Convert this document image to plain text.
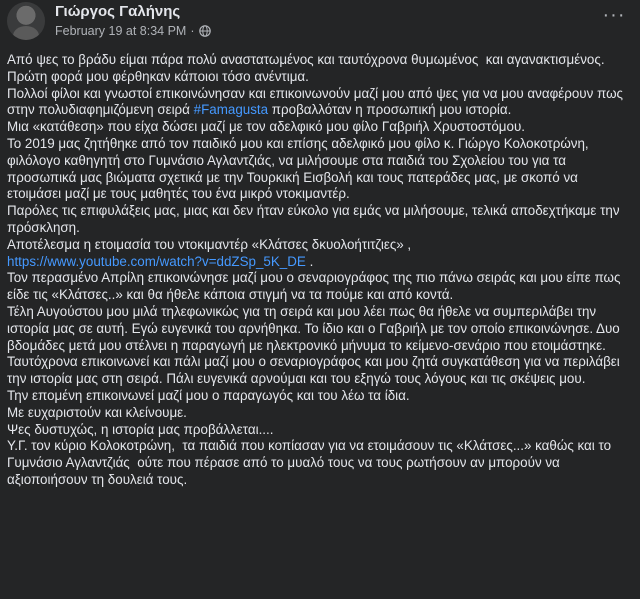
Γιώργος Γαλήνης
February 19 at 8:34 PM ·
···

Από ψες το βράδυ είμαι πάρα πολύ αναστατωμένος και ταυτόχρονα θυμωμένος  και αγανακτισμένος. Πρώτη φορά μου φέρθηκαν κάποιοι τόσο ανέντιμα.

Πολλοί φίλοι και γνωστοί επικοινώνησαν και επικοινωνούν μαζί μου από ψες για να μου αναφέρουν πως στην πολυδιαφημιζόμενη σειρά #Famagusta προβαλλόταν η προσωπική μου ιστορία.

Μια «κατάθεση» που είχα δώσει μαζί με τον αδελφικό μου φίλο Γαβριήλ Χρυστοστόμου.

Το 2019 μας ζητήθηκε από τον παιδικό μου και επίσης αδελφικό μου φίλο κ. Γιώργο Κολοκοτρώνη, φιλόλογο καθηγητή στο Γυμνάσιο Αγλαντζιάς, να μιλήσουμε στα παιδιά του Σχολείου του για τα προσωπικά μας βιώματα σχετικά με την Τουρκική Εισβολή και τους πατεράδες μας, με σκοπό να ετοιμάσει μαζί με τους μαθητές του ένα μικρό ντοκιμαντέρ.

Παρόλες τις επιφυλάξεις μας, μιας και δεν ήταν εύκολο για εμάς να μιλήσουμε, τελικά αποδεχτήκαμε την πρόσκληση.

Αποτέλεσμα η ετοιμασία του ντοκιμαντέρ «Κλάτσες δκυολοήτιτζιες» ,

https://www.youtube.com/watch?v=ddZSp_5K_DE .

Τον περασμένο Απρίλη επικοινώνησε μαζί μου ο σεναριογράφος της πιο πάνω σειράς και μου είπε πως είδε τις «Κλάτσες..» και θα ήθελε κάποια στιγμή να τα πούμε και από κοντά.

Τέλη Αυγούστου μου μιλά τηλεφωνικώς για τη σειρά και μου λέει πως θα ήθελε να συμπεριλάβει την ιστορία μας σε αυτή. Εγώ ευγενικά του αρνήθηκα. Το ίδιο και ο Γαβριήλ με τον οποίο επικοινώνησε. Δυο βδομάδες μετά μου στέλνει η παραγωγή με ηλεκτρονικό μήνυμα το κείμενο-σενάριο που ετοιμάστηκε. Ταυτόχρονα επικοινωνεί και πάλι μαζί μου ο σεναριογράφος και μου ζητά συγκατάθεση για να περιλάβει την ιστορία μας στη σειρά. Πάλι ευγενικά αρνούμαι και του εξηγώ τους λόγους και τις σκέψεις μου.

Την επομένη επικοινωνεί μαζί μου ο παραγωγός και του λέω τα ίδια.

Με ευχαριστούν και κλείνουμε.

Ψες δυστυχώς, η ιστορία μας προβάλλεται....

Υ.Γ. τον κύριο Κολοκοτρώνη,  τα παιδιά που κοπίασαν για να ετοιμάσουν τις «Κλάτσες...» καθώς και το Γυμνάσιο Αγλαντζιάς  ούτε που πέρασε από το μυαλό τους να τους ρωτήσουν αν μπορούν να αξιοποιήσουν τη δουλειά τους.
